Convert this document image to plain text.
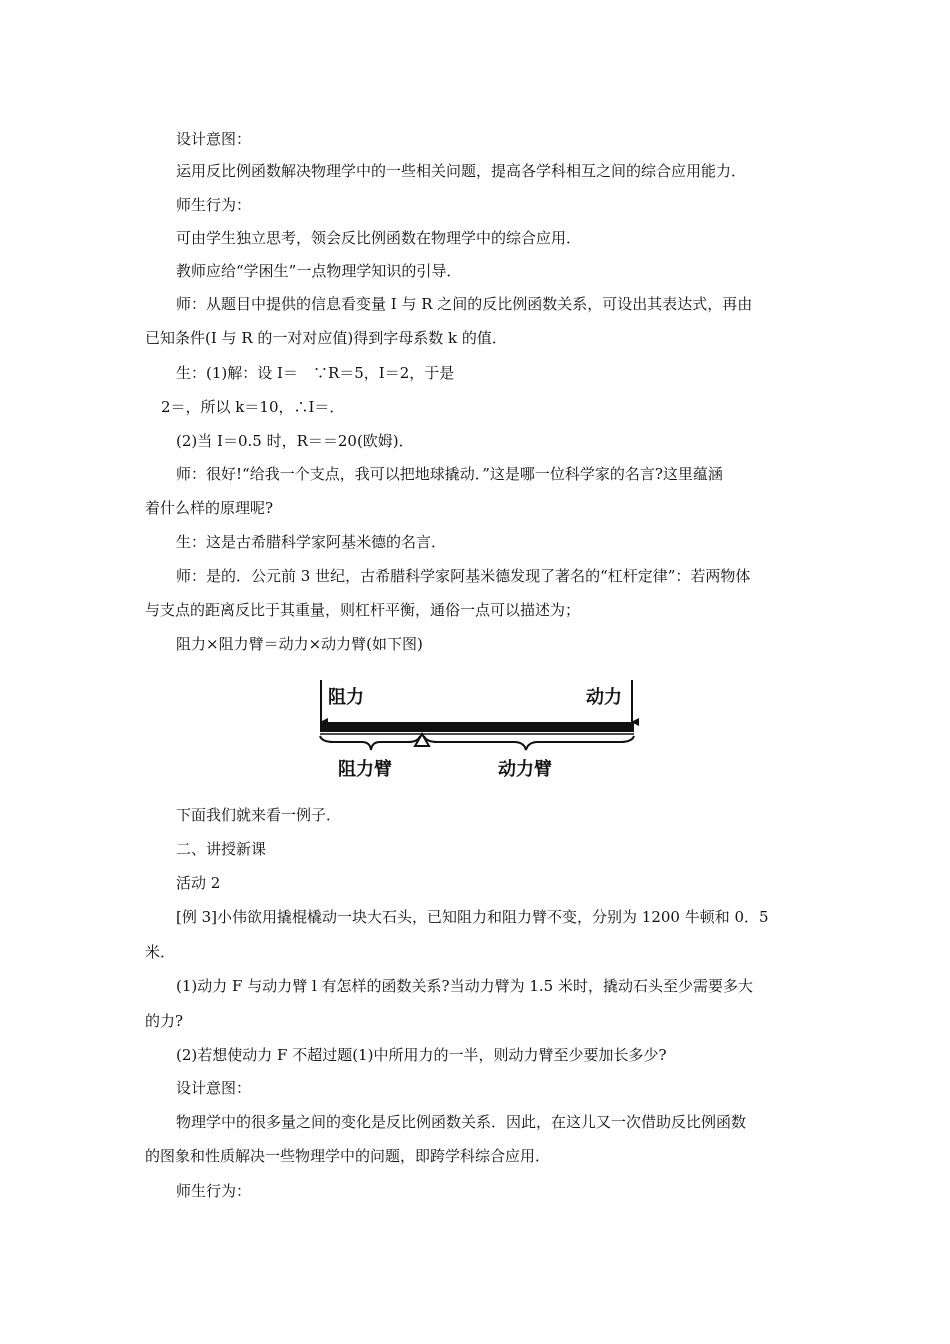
设计意图：
运用反比例函数解决物理学中的一些相关问题，提高各学科相互之间的综合应用能力．
师生行为：
可由学生独立思考，领会反比例函数在物理学中的综合应用．
教师应给“学困生”一点物理学知识的引导．
师：从题目中提供的信息看变量 I 与 R 之间的反比例函数关系，可设出其表达式，再由
已知条件(I 与 R 的一对对应值)得到字母系数 k 的值．
生：(1)解：设 I＝　∵R＝5，I＝2，于是
2＝，所以 k＝10，∴I＝．
(2)当 I＝0.5 时，R＝＝20(欧姆)．
师：很好!“给我一个支点，我可以把地球撬动．”这是哪一位科学家的名言?这里蕴涵
着什么样的原理呢?
生：这是古希腊科学家阿基米德的名言．
师：是的．公元前 3 世纪，古希腊科学家阿基米德发现了著名的“杠杆定律”：若两物体
与支点的距离反比于其重量，则杠杆平衡，通俗一点可以描述为；
阻力×阻力臂＝动力×动力臂(如下图)
阻力	动力
阻力臂	动力臂
下面我们就来看一例子．
二、讲授新课
活动 2
[例 3]小伟欲用撬棍橇动一块大石头，已知阻力和阻力臂不变，分别为 1200 牛顿和 0．5
米．
(1)动力 F 与动力臂 l 有怎样的函数关系?当动力臂为 1.5 米时，撬动石头至少需要多大
的力?
(2)若想使动力 F 不超过题(1)中所用力的一半，则动力臂至少要加长多少?
设计意图：
物理学中的很多量之间的变化是反比例函数关系．因此，在这儿又一次借助反比例函数
的图象和性质解决一些物理学中的问题，即跨学科综合应用．
师生行为：
